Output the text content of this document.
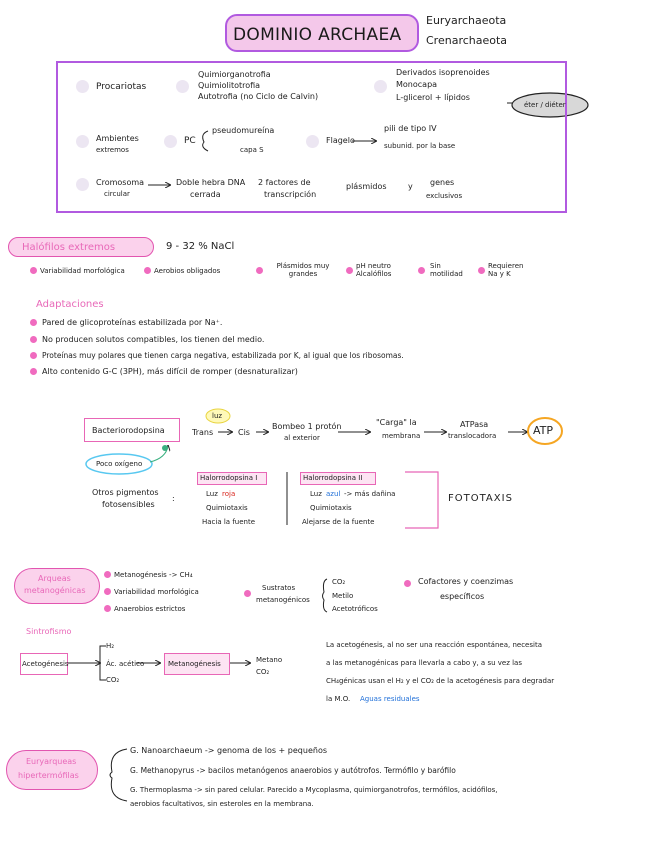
DOMINIO ARCHAEA
Euryarchaeota
Crenarchaeota
Procariotas
Quimiorganotrofia
Quimiolitotrofia
Autotrofia (no Ciclo de Calvin)
Derivados isoprenoides
Monocapa
L-glicerol + lípidos
éter / diéter
Ambientes
extremos
PC
pseudomureína
capa S
Flagelo
pili de tipo IV
subunid. por la base
Cromosoma
circular
Doble hebra DNA
cerrada
2 factores de
transcripción
plásmidos	y genes
exclusivos
Halófilos extremos	9 - 32 % NaCl
Variabilidad morfológica	Aerobios obligados
Plásmidos muy grandes
pH neutro Alcalófilos
Sin motilidad
Requieren Na y K
Adaptaciones
Pared de glicoproteínas estabilizada por Na⁺.
No producen solutos compatibles, los tienen del medio.
Proteínas muy polares que tienen carga negativa, estabilizada por K, al igual que los ribosomas.
Alto contenido G-C (3PH), más difícil de romper (desnaturalizar)
Bacteriorodopsina
luz
Trans	Cis
Bombeo 1 protón
al exterior
"Carga" la
membrana
ATPasa
translocadora	ATP
Poco oxígeno
Otros pigmentos
fotosensibles
:
Halorrodopsina I
Luz roja
Quimiotaxis
Hacia la fuente
Halorrodopsina II
Luz azul -> más dañina
Quimiotaxis
Alejarse de la fuente
FOTOTAXIS
Arqueas
metanogénicas
Metanogénesis -> CH₄
Variabilidad morfológica
Anaerobios estrictos
Sustratos
metanogénicos
CO₂
Metilo
Acetotróficos
Cofactores y coenzimas
específicos
Sintrofismo
Acetogénesis
H₂
Ác. acético
CO₂
Metanogénesis	Metano
CO₂
La acetogénesis, al no ser una reacción espontánea, necesita
a las metanogénicas para llevarla a cabo y, a su vez las
CH₄génicas usan el H₂ y el CO₂ de la acetogénesis para degradar
la M.O. Aguas residuales
Euryarqueas
hipertermófilas
G. Nanoarchaeum -> genoma de los + pequeños
G. Methanopyrus -> bacilos metanógenos anaerobios y autótrofos. Termófilo y barófilo
G. Thermoplasma -> sin pared celular. Parecido a Mycoplasma, quimiorganotrofos, termófilos, acidófilos,
aerobios facultativos, sin esteroles en la membrana.
